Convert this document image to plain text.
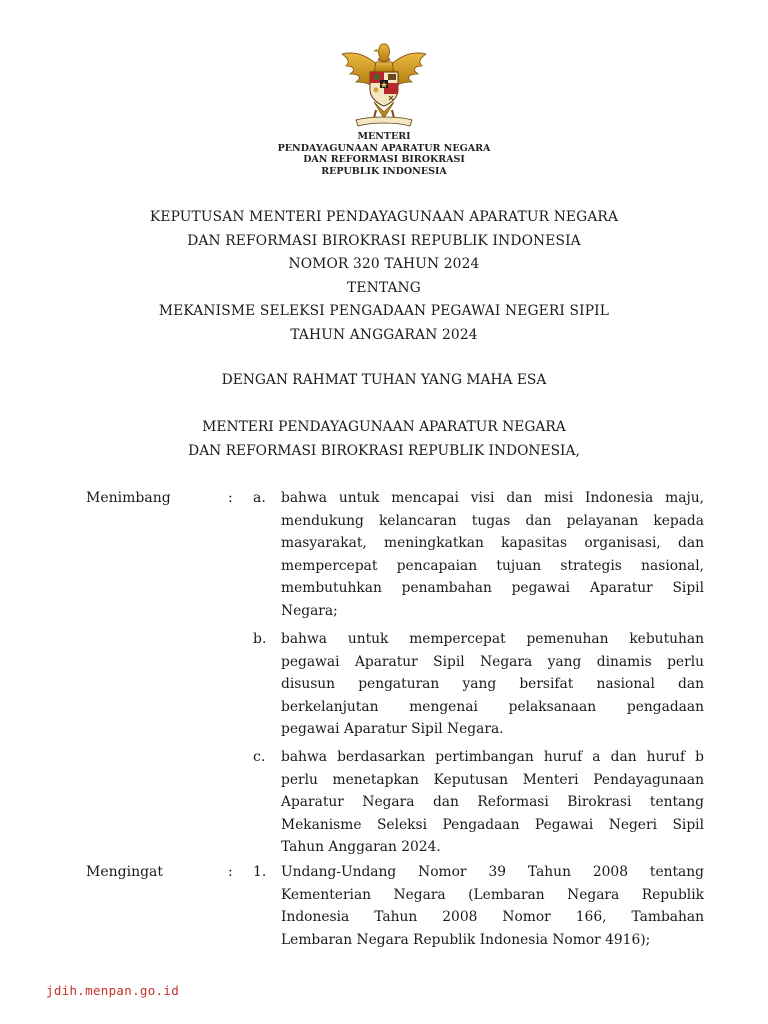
MENTERI
PENDAYAGUNAAN APARATUR NEGARA
DAN REFORMASI BIROKRASI
REPUBLIK INDONESIA
KEPUTUSAN MENTERI PENDAYAGUNAAN APARATUR NEGARA
DAN REFORMASI BIROKRASI REPUBLIK INDONESIA
NOMOR 320 TAHUN 2024
TENTANG
MEKANISME SELEKSI PENGADAAN PEGAWAI NEGERI SIPIL
TAHUN ANGGARAN 2024
DENGAN RAHMAT TUHAN YANG MAHA ESA
MENTERI PENDAYAGUNAAN APARATUR NEGARA
DAN REFORMASI BIROKRASI REPUBLIK INDONESIA,
Menimbang	: a.	bahwa untuk mencapai visi dan misi Indonesia maju,
mendukung kelancaran tugas dan pelayanan kepada
masyarakat, meningkatkan kapasitas organisasi, dan
mempercepat pencapaian tujuan strategis nasional,
membutuhkan penambahan pegawai Aparatur Sipil
Negara;
b.	bahwa untuk mempercepat pemenuhan kebutuhan
pegawai Aparatur Sipil Negara yang dinamis perlu
disusun pengaturan yang bersifat nasional dan
berkelanjutan mengenai pelaksanaan pengadaan
pegawai Aparatur Sipil Negara.
c.	bahwa berdasarkan pertimbangan huruf a dan huruf b
perlu menetapkan Keputusan Menteri Pendayagunaan
Aparatur Negara dan Reformasi Birokrasi tentang
Mekanisme Seleksi Pengadaan Pegawai Negeri Sipil
Tahun Anggaran 2024.
Mengingat	: 1.	Undang-Undang Nomor 39 Tahun 2008 tentang
Kementerian Negara (Lembaran Negara Republik
Indonesia Tahun 2008 Nomor 166, Tambahan
Lembaran Negara Republik Indonesia Nomor 4916);
jdih.menpan.go.id
